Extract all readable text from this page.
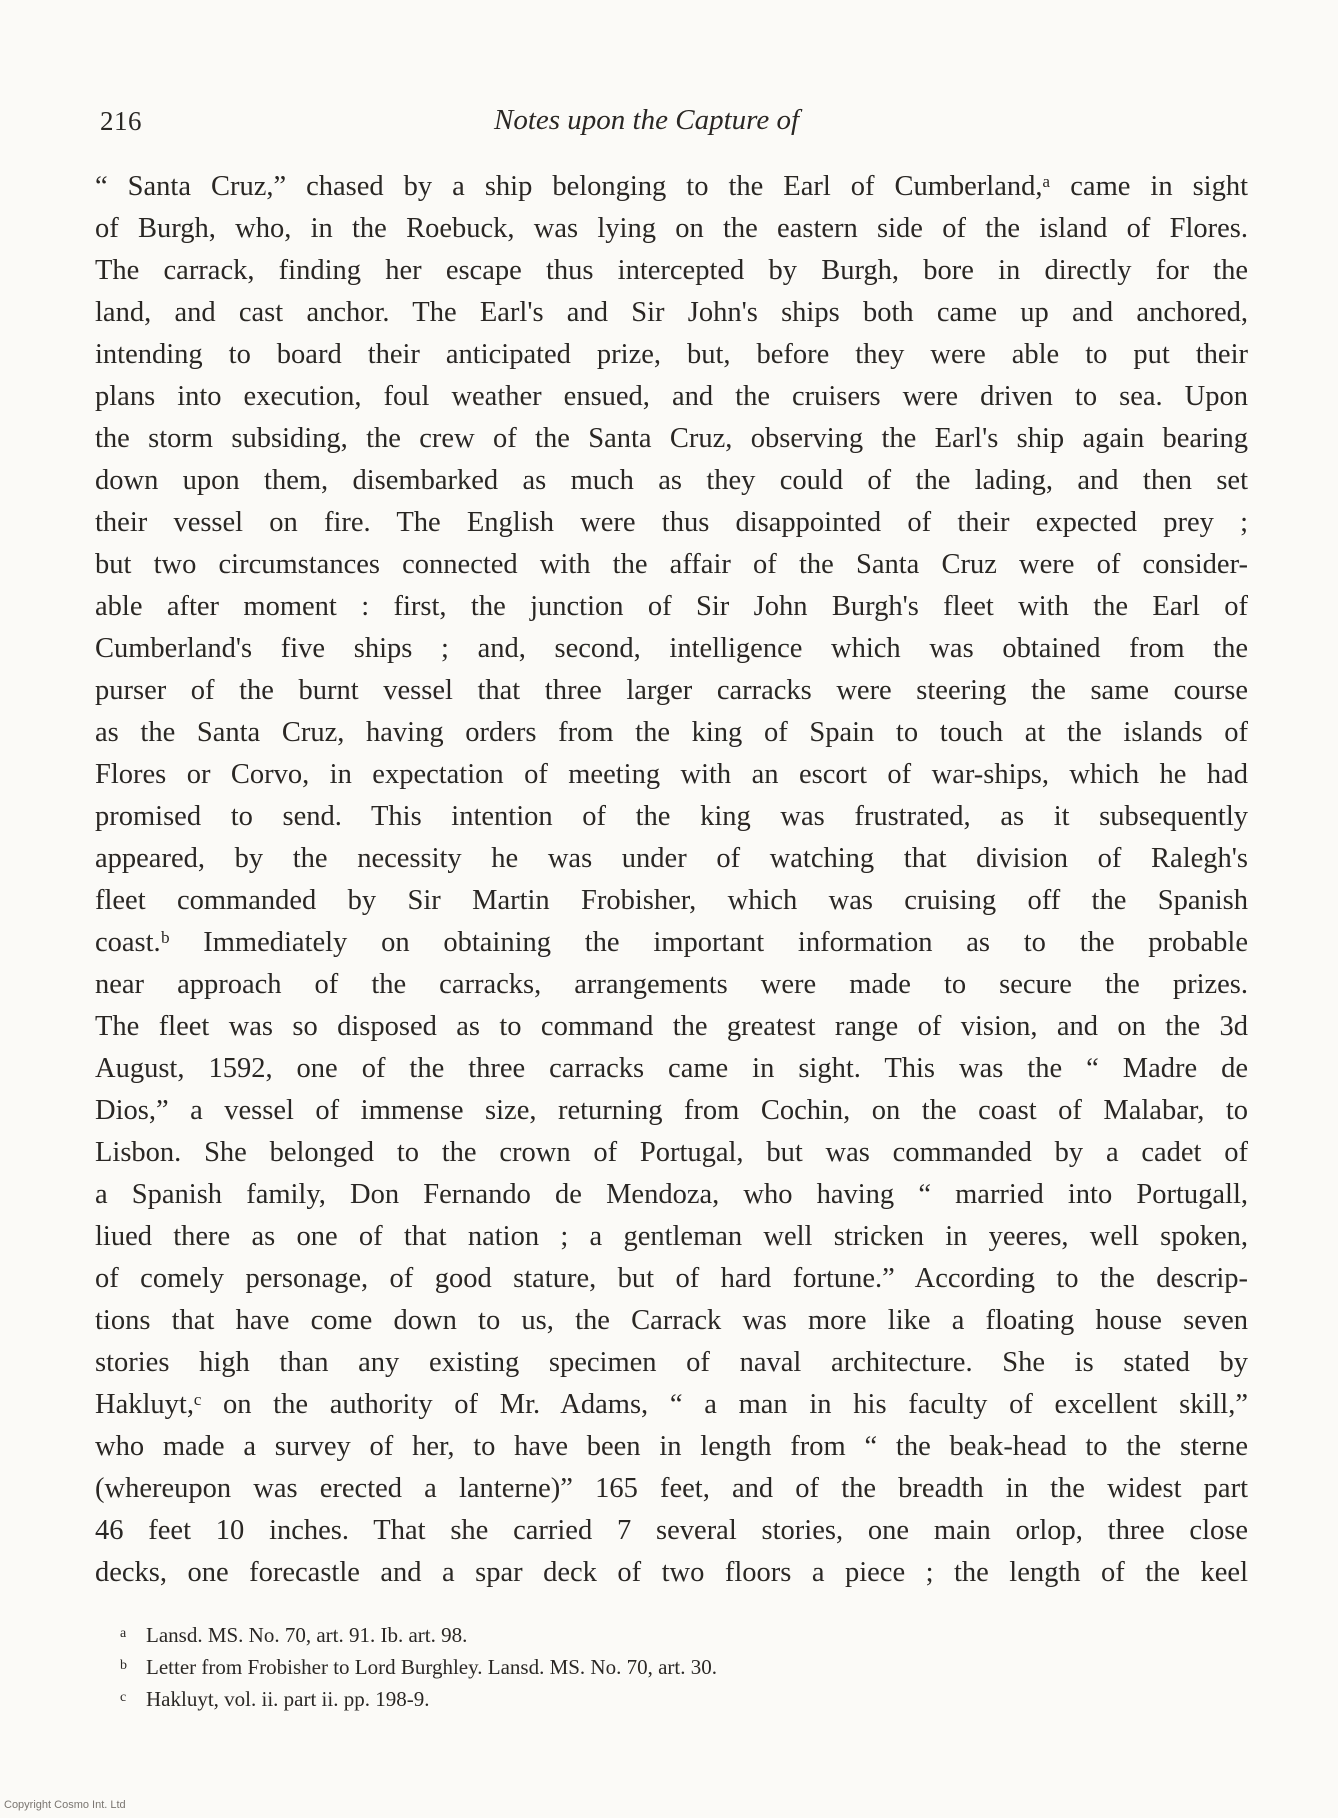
216	Notes upon the Capture of
“ Santa Cruz,” chased by a ship belonging to the Earl of Cumberland,ᵃ came in sight
of Burgh, who, in the Roebuck, was lying on the eastern side of the island of Flores.
The carrack, finding her escape thus intercepted by Burgh, bore in directly for the
land, and cast anchor. The Earl's and Sir John's ships both came up and anchored,
intending to board their anticipated prize, but, before they were able to put their
plans into execution, foul weather ensued, and the cruisers were driven to sea. Upon
the storm subsiding, the crew of the Santa Cruz, observing the Earl's ship again bearing
down upon them, disembarked as much as they could of the lading, and then set
their vessel on fire. The English were thus disappointed of their expected prey ;
but two circumstances connected with the affair of the Santa Cruz were of consider-
able after moment : first, the junction of Sir John Burgh's fleet with the Earl of
Cumberland's five ships ; and, second, intelligence which was obtained from the
purser of the burnt vessel that three larger carracks were steering the same course
as the Santa Cruz, having orders from the king of Spain to touch at the islands of
Flores or Corvo, in expectation of meeting with an escort of war-ships, which he had
promised to send. This intention of the king was frustrated, as it subsequently
appeared, by the necessity he was under of watching that division of Ralegh's
fleet commanded by Sir Martin Frobisher, which was cruising off the Spanish
coast.ᵇ Immediately on obtaining the important information as to the probable
near approach of the carracks, arrangements were made to secure the prizes.
The fleet was so disposed as to command the greatest range of vision, and on the 3d
August, 1592, one of the three carracks came in sight. This was the “ Madre de
Dios,” a vessel of immense size, returning from Cochin, on the coast of Malabar, to
Lisbon. She belonged to the crown of Portugal, but was commanded by a cadet of
a Spanish family, Don Fernando de Mendoza, who having “ married into Portugall,
liued there as one of that nation ; a gentleman well stricken in yeeres, well spoken,
of comely personage, of good stature, but of hard fortune.” According to the descrip-
tions that have come down to us, the Carrack was more like a floating house seven
stories high than any existing specimen of naval architecture. She is stated by
Hakluyt,ᶜ on the authority of Mr. Adams, “ a man in his faculty of excellent skill,”
who made a survey of her, to have been in length from “ the beak-head to the sterne
(whereupon was erected a lanterne)” 165 feet, and of the breadth in the widest part
46 feet 10 inches. That she carried 7 several stories, one main orlop, three close
decks, one forecastle and a spar deck of two floors a piece ; the length of the keel
a Lansd. MS. No. 70, art. 91. Ib. art. 98.
b Letter from Frobisher to Lord Burghley. Lansd. MS. No. 70, art. 30.
c Hakluyt, vol. ii. part ii. pp. 198-9.
Copyright Cosmo Int. Ltd
